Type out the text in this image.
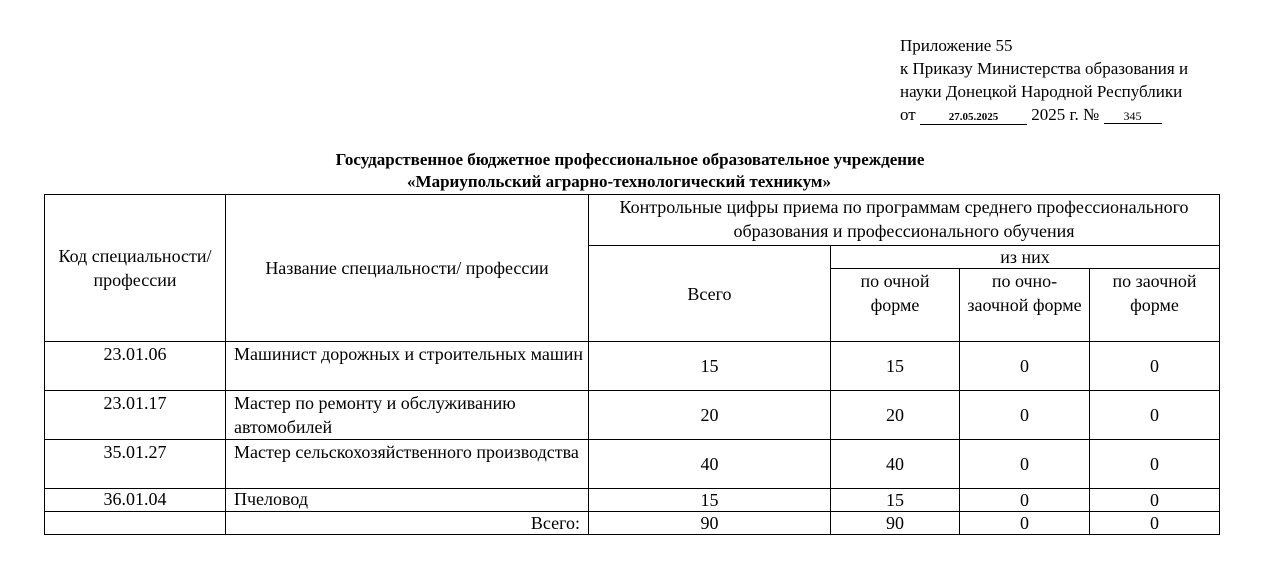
Приложение 55
к Приказу Министерства образования и
науки Донецкой Народной Республики
от	27.05.2025 2025 г. № 345
Государственное бюджетное профессиональное образовательное учреждение
«Мариупольский аграрно-технологический техникум»
Код специальности/ профессии	Название специальности/ профессии	Контрольные цифры приема по программам среднего профессионального образования и профессионального обучения			
		Всего	из них		
			по очной форме	по очно-заочной форме	по заочной форме
23.01.06	Машинист дорожных и строительных машин	15	15	0	0
23.01.17	Мастер по ремонту и обслуживанию автомобилей	20	20	0	0
35.01.27	Мастер сельскохозяйственного производства	40	40	0	0
36.01.04	Пчеловод	15	15	0	0
	Всего:	90	90	0	0
